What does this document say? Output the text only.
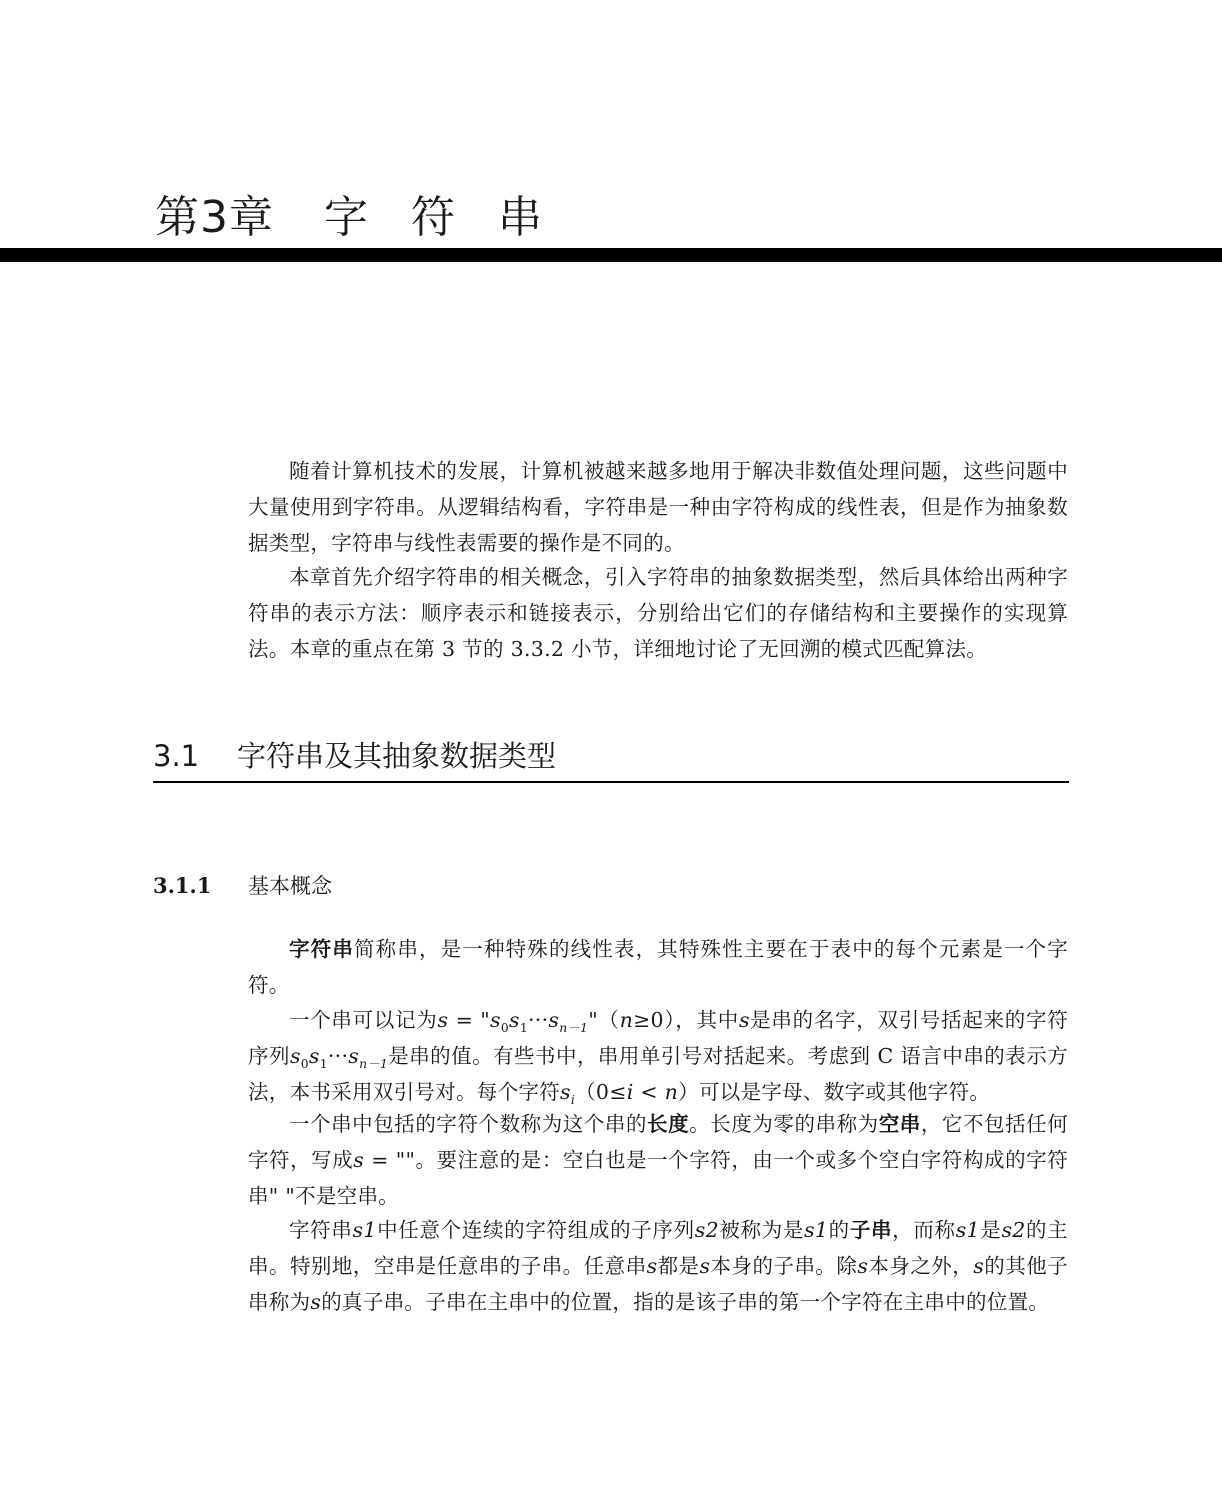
第3章 字 符 串

随着计算机技术的发展，计算机被越来越多地用于解决非数值处理问题，这些问题中大量使用到字符串。从逻辑结构看，字符串是一种由字符构成的线性表，但是作为抽象数据类型，字符串与线性表需要的操作是不同的。

本章首先介绍字符串的相关概念，引入字符串的抽象数据类型，然后具体给出两种字符串的表示方法：顺序表示和链接表示，分别给出它们的存储结构和主要操作的实现算法。本章的重点在第 3 节的 3.3.2 小节，详细地讨论了无回溯的模式匹配算法。

3.1 字符串及其抽象数据类型
3.1.1 基本概念

字符串简称串，是一种特殊的线性表，其特殊性主要在于表中的每个元素是一个字符。

一个串可以记为$s = "s_0s_1\cdot\cdot\cdot s_{n-1}"(n\ge 0)$，其中s是串的名字，双引号括起来的字符序列$s_0s_1\cdot\cdot\cdot s_{n-1}$是串的值。有些书中，串用单引号对括起来。考虑到 C 语言中串的表示方法，本书采用双引号对。每个字符$s_i(0\le i < n)$可以是字母、数字或其他字符。

一个串中包括的字符个数称为这个串的长度。长度为零的串称为空串，它不包括任何字符，写成s = ""。要注意的是：空白也是一个字符，由一个或多个空白字符构成的字符串" "不是空串。

字符串s1中任意个连续的字符组成的子序列s2被称为是s1的子串，而称s1是s2的主串。特别地，空串是任意串的子串。任意串s都是s本身的子串。除s本身之外，s的其他子串称为s的真子串。子串在主串中的位置，指的是该子串的第一个字符在主串中的位置。
